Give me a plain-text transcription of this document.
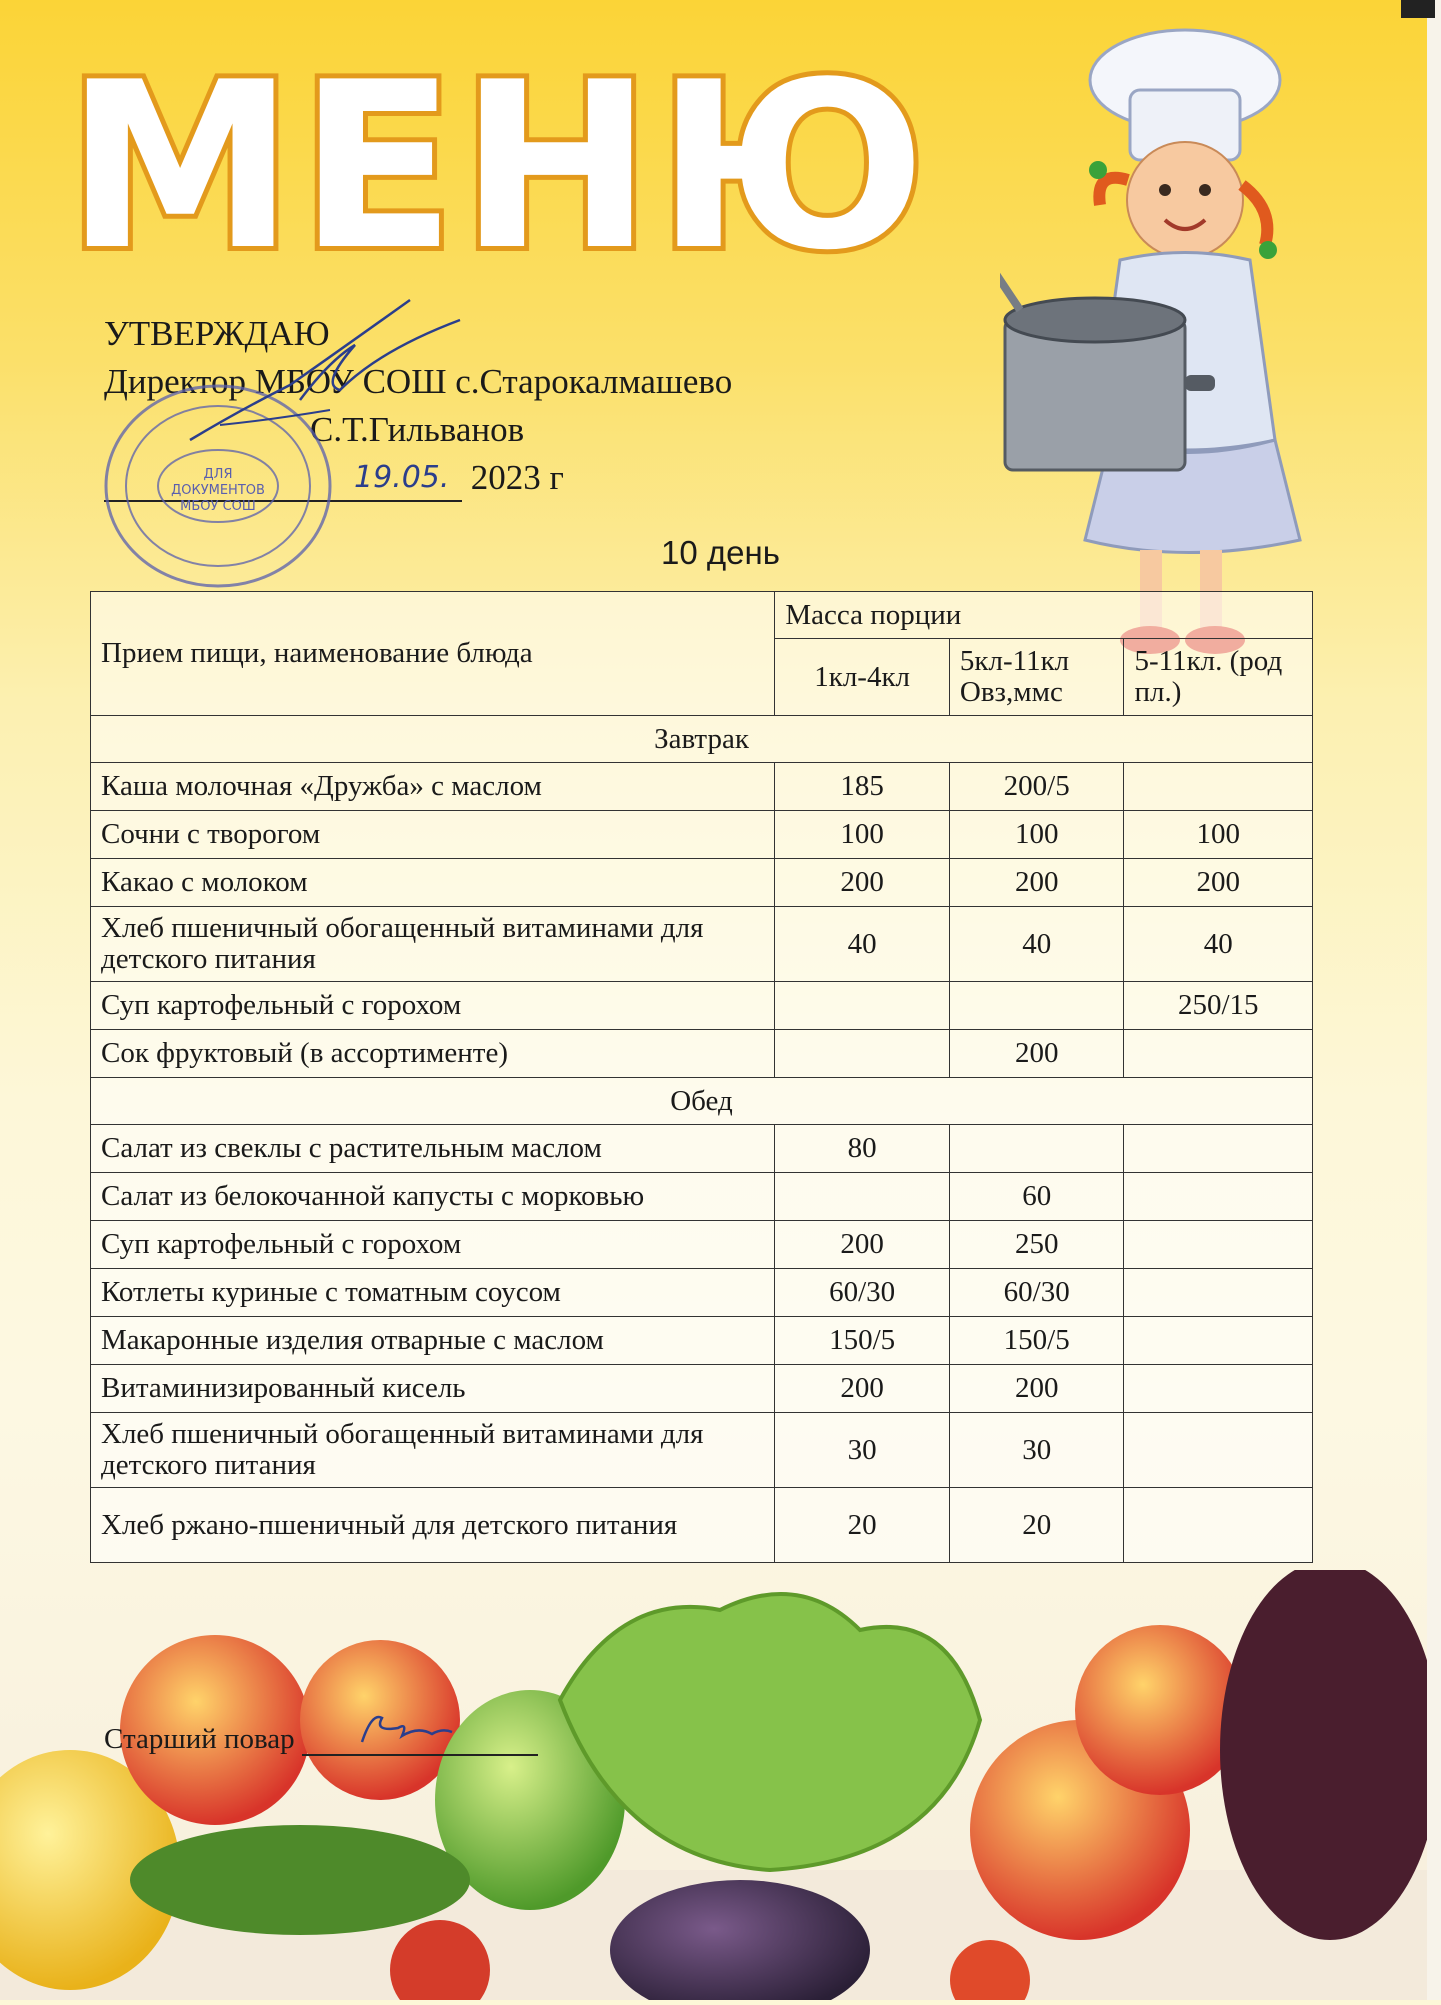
МЕНЮ
УТВЕРЖДАЮ
Директор МБОУ СОШ с.Старокалмашево
С.Т.Гильванов
19.05. 2023 г
ДЛЯ
ДОКУМЕНТОВ
МБОУ СОШ
10 день
Прием пищи, наименование блюда	Масса порции		
	1кл-4кл	5кл-11кл Овз,ммс	5-11кл. (род пл.)
Завтрак			
Каша молочная «Дружба» с маслом	185	200/5	
Сочни с творогом	100	100	100
Какао с молоком	200	200	200
Хлеб пшеничный обогащенный витаминами для детского питания	40	40	40
Суп картофельный с горохом			250/15
Сок фруктовый (в ассортименте)		200	
Обед			
Салат из свеклы с растительным маслом	80		
Салат из белокочанной капусты с морковью		60	
Суп картофельный с горохом	200	250	
Котлеты куриные с томатным соусом	60/30	60/30	
Макаронные изделия отварные с маслом	150/5	150/5	
Витаминизированный кисель	200	200	
Хлеб пшеничный обогащенный витаминами для детского питания	30	30	
Хлеб ржано-пшеничный для детского питания	20	20	
Старший повар
